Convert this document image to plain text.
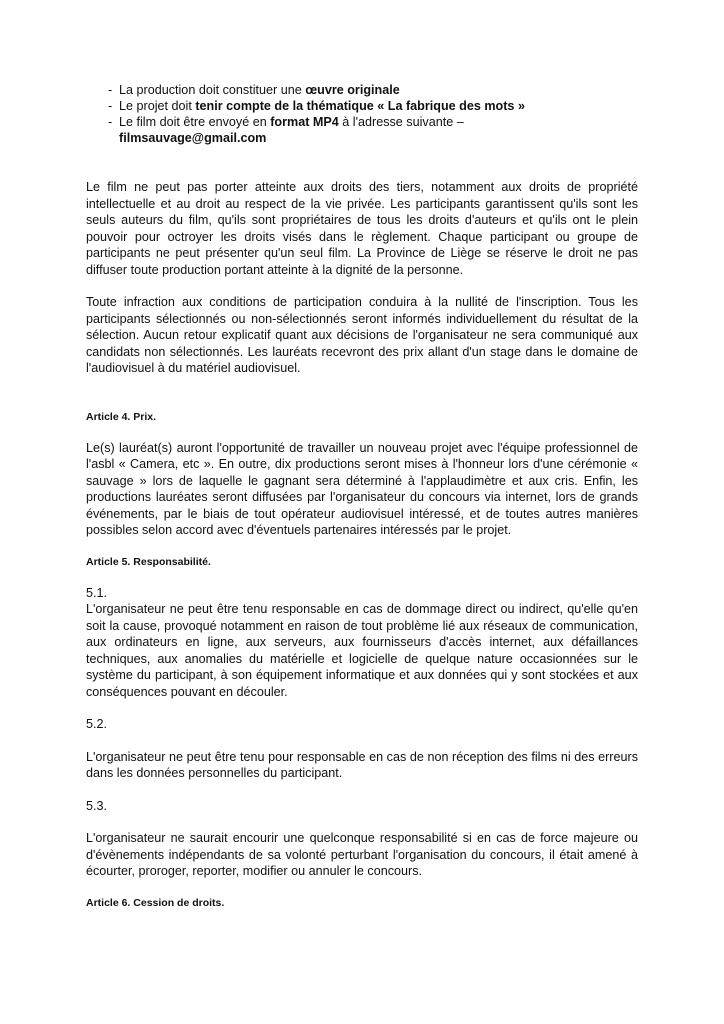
- La production doit constituer une œuvre originale
- Le projet doit tenir compte de la thématique « La fabrique des mots »
- Le film doit être envoyé en format MP4 à l'adresse suivante –
filmsauvage@gmail.com

Le film ne peut pas porter atteinte aux droits des tiers, notamment aux droits de propriété intellectuelle et au droit au respect de la vie privée. Les participants garantissent qu'ils sont les seuls auteurs du film, qu'ils sont propriétaires de tous les droits d'auteurs et qu'ils ont le plein pouvoir pour octroyer les droits visés dans le règlement. Chaque participant ou groupe de participants ne peut présenter qu'un seul film. La Province de Liège se réserve le droit ne pas diffuser toute production portant atteinte à la dignité de la personne.

Toute infraction aux conditions de participation conduira à la nullité de l'inscription. Tous les participants sélectionnés ou non-sélectionnés seront informés individuellement du résultat de la sélection. Aucun retour explicatif quant aux décisions de l'organisateur ne sera communiqué aux candidats non sélectionnés. Les lauréats recevront des prix allant d'un stage dans le domaine de l'audiovisuel à du matériel audiovisuel.

Article 4. Prix.

Le(s) lauréat(s) auront l'opportunité de travailler un nouveau projet avec l'équipe professionnel de l'asbl « Camera, etc ». En outre, dix productions seront mises à l'honneur lors d'une cérémonie « sauvage » lors de laquelle le gagnant sera déterminé à l'applaudimètre et aux cris. Enfin, les productions lauréates seront diffusées par l'organisateur du concours via internet, lors de grands événements, par le biais de tout opérateur audiovisuel intéressé, et de toutes autres manières possibles selon accord avec d'éventuels partenaires intéressés par le projet.

Article 5. Responsabilité.
5.1.

L'organisateur ne peut être tenu responsable en cas de dommage direct ou indirect, qu'elle qu'en soit la cause, provoqué notamment en raison de tout problème lié aux réseaux de communication, aux ordinateurs en ligne, aux serveurs, aux fournisseurs d'accès internet, aux défaillances techniques, aux anomalies du matérielle et logicielle de quelque nature occasionnées sur le système du participant, à son équipement informatique et aux données qui y sont stockées et aux conséquences pouvant en découler.

5.2.

L'organisateur ne peut être tenu pour responsable en cas de non réception des films ni des erreurs dans les données personnelles du participant.

5.3.

L'organisateur ne saurait encourir une quelconque responsabilité si en cas de force majeure ou d'évènements indépendants de sa volonté perturbant l'organisation du concours, il était amené à écourter, proroger, reporter, modifier ou annuler le concours.

Article 6. Cession de droits.
